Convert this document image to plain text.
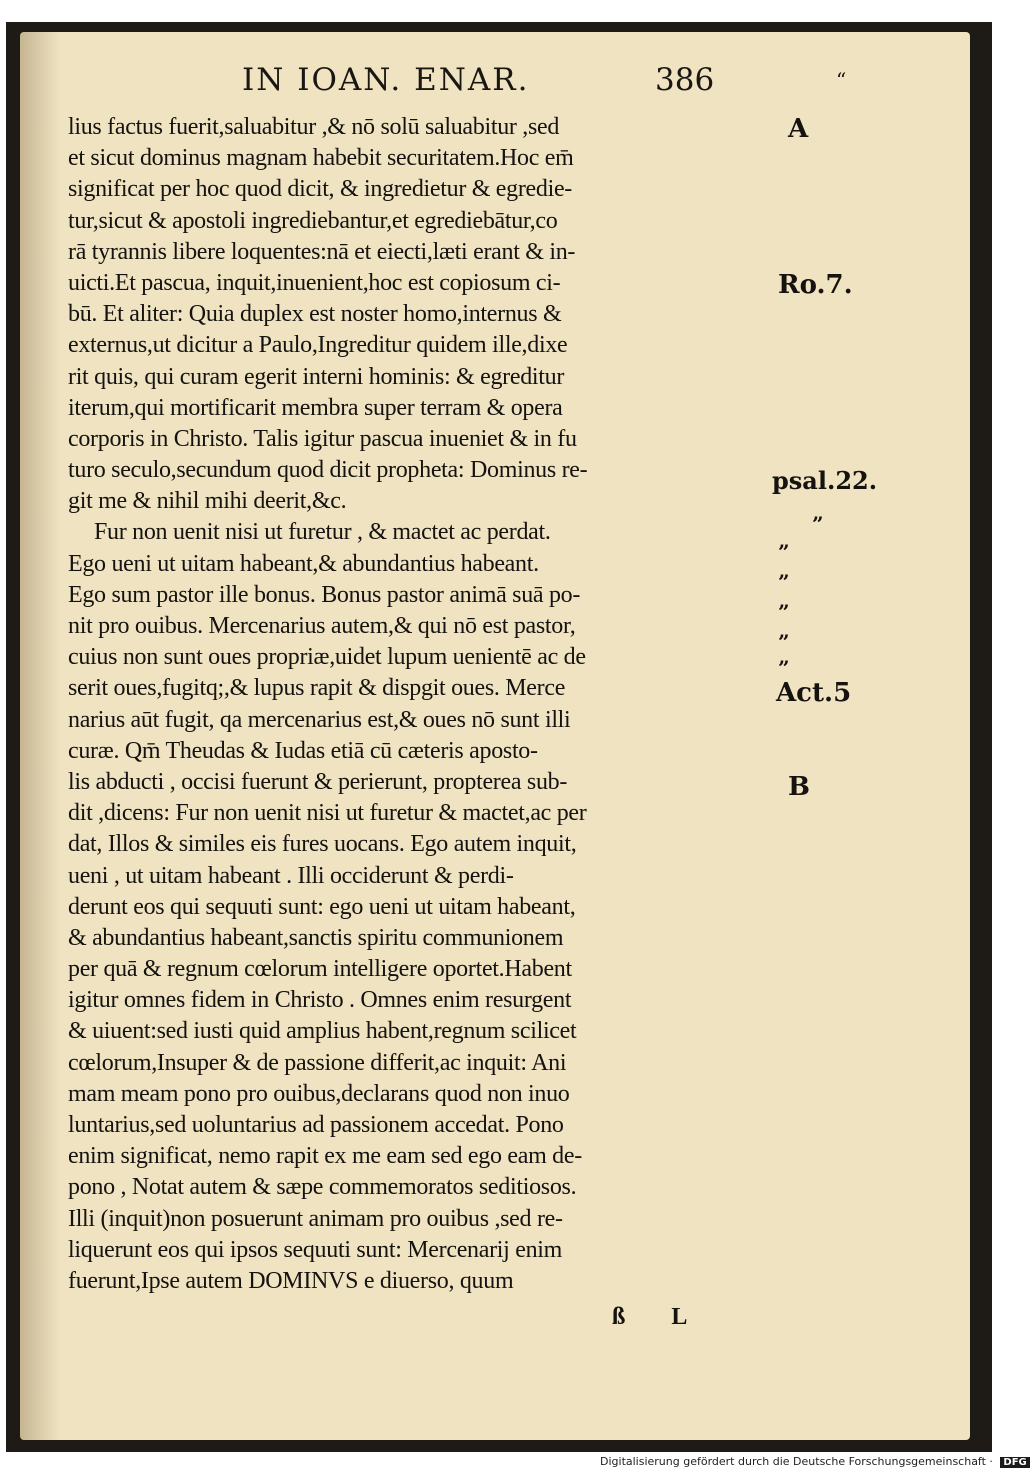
IN IOAN. ENAR.	386	“
lius factus fuerit,saluabitur ,& nō solū saluabitur ,sed
et sicut dominus magnam habebit securitatem.Hoc em̄
significat per hoc quod dicit, & ingredietur & egredie-
tur,sicut & apostoli ingrediebantur,et egrediebātur,co
rā tyrannis libere loquentes:nā et eiecti,læti erant & in-
uicti.Et pascua, inquit,inuenient,hoc est copiosum ci-
bū. Et aliter: Quia duplex est noster homo,internus &
externus,ut dicitur a Paulo,Ingreditur quidem ille,dixe
rit quis, qui curam egerit interni hominis: & egreditur
iterum,qui mortificarit membra super terram & opera
corporis in Christo. Talis igitur pascua inueniet & in fu
turo seculo,secundum quod dicit propheta: Dominus re-
git me & nihil mihi deerit,&c.
Fur non uenit nisi ut furetur , & mactet ac perdat.
Ego ueni ut uitam habeant,& abundantius habeant.
Ego sum pastor ille bonus. Bonus pastor animā suā po-
nit pro ouibus. Mercenarius autem,& qui nō est pastor,
cuius non sunt oues propriæ,uidet lupum uenientē ac de
serit oues,fugitq;,& lupus rapit & dispgit oues. Merce
narius aūt fugit, qa mercenarius est,& oues nō sunt illi
curæ. Qm̄ Theudas & Iudas etiā cū cæteris aposto-
lis abducti , occisi fuerunt & perierunt, propterea sub-
dit ,dicens: Fur non uenit nisi ut furetur & mactet,ac per
dat, Illos & similes eis fures uocans. Ego autem inquit,
ueni , ut uitam habeant . Illi occiderunt & perdi-
derunt eos qui sequuti sunt: ego ueni ut uitam habeant,
& abundantius habeant,sanctis spiritu communionem
per quā & regnum cœlorum intelligere oportet.Habent
igitur omnes fidem in Christo . Omnes enim resurgent
& uiuent:sed iusti quid amplius habent,regnum scilicet
cœlorum,Insuper & de passione differit,ac inquit: Ani
mam meam pono pro ouibus,declarans quod non inuo
luntarius,sed uoluntarius ad passionem accedat. Pono
enim significat, nemo rapit ex me eam sed ego eam de-
pono , Notat autem & sæpe commemoratos seditiosos.
Illi (inquit)non posuerunt animam pro ouibus ,sed re-
liquerunt eos qui ipsos sequuti sunt: Mercenarij enim
fuerunt,Ipse autem DOMINVS e diuerso, quum
A
Ro.7.
psal.22.
Act.5
B
”
”
”
”
”
”
ß L
Digitalisierung gefördert durch die Deutsche Forschungsgemeinschaft · DFG
